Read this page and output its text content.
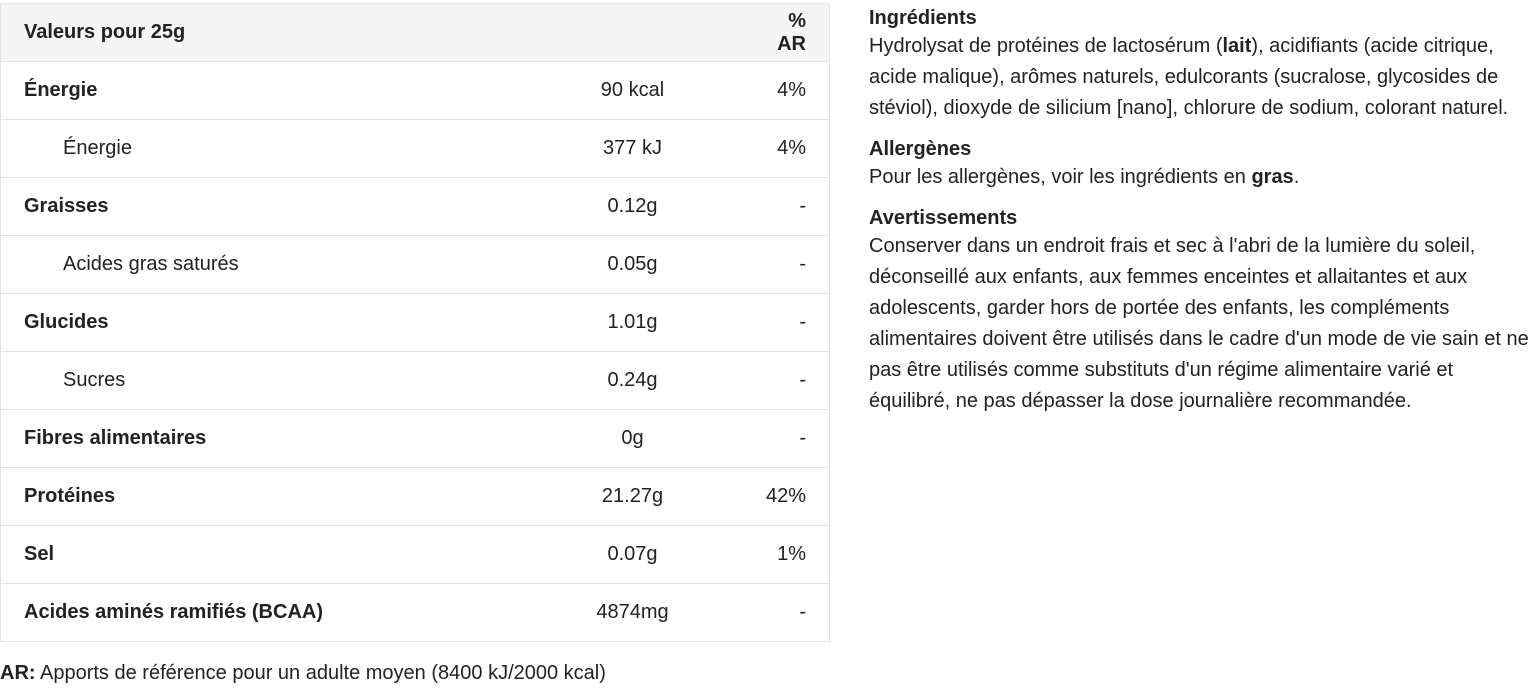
Valeurs pour 25g		% AR
Énergie	90 kcal	4%
Énergie	377 kJ	4%
Graisses	0.12g	-
Acides gras saturés	0.05g	-
Glucides	1.01g	-
Sucres	0.24g	-
Fibres alimentaires	0g	-
Protéines	21.27g	42%
Sel	0.07g	1%
Acides aminés ramifiés (BCAA)	4874mg	-
AR: Apports de référence pour un adulte moyen (8400 kJ/2000 kcal)
Ingrédients

Hydrolysat de protéines de lactosérum (lait), acidifiants (acide citrique, acide malique), arômes naturels, edulcorants (sucralose, glycosides de stéviol), dioxyde de silicium [nano], chlorure de sodium, colorant naturel.

Allergènes

Pour les allergènes, voir les ingrédients en gras.

Avertissements

Conserver dans un endroit frais et sec à l'abri de la lumière du soleil, déconseillé aux enfants, aux femmes enceintes et allaitantes et aux adolescents, garder hors de portée des enfants, les compléments alimentaires doivent être utilisés dans le cadre d'un mode de vie sain et ne pas être utilisés comme substituts d'un régime alimentaire varié et équilibré, ne pas dépasser la dose journalière recommandée.
